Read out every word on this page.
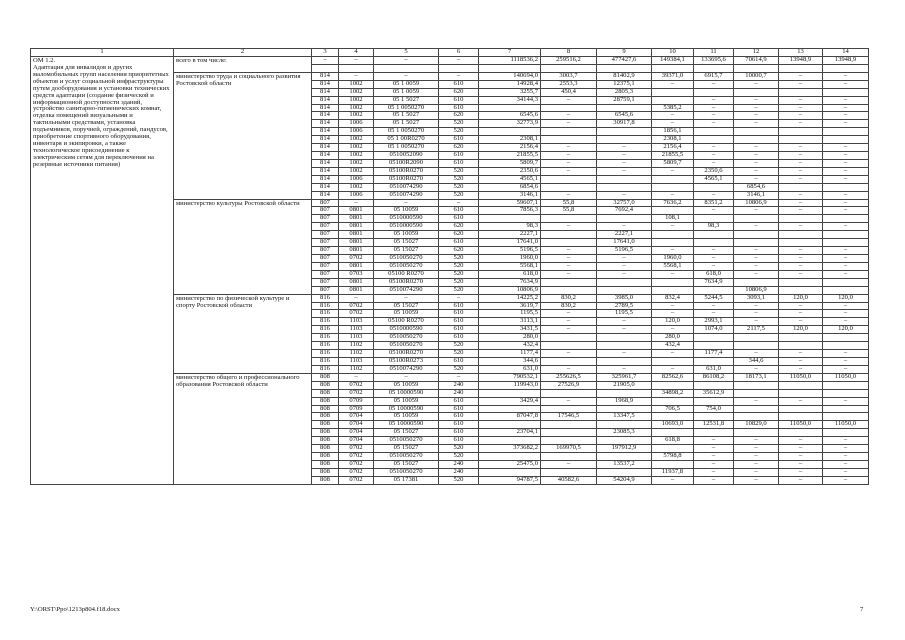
1	2	3	4	5	6	7	8	9	10	11	12	13	14

ОМ 1.2.
Адаптация для инвалидов и других маломобильных групп населения приоритетных объектов и услуг социальной инфраструктуры путем дооборудования и установки технических средств адаптации (создание физической и информационной доступности зданий, устройство санитарно-гигиенических комнат, отделка помещений визуальными и тактильными средствами, установка подъемников, поручней, ограждений, пандусов, приобретение спортивного оборудования, инвентаря и экипировки, а также технологическое присоединение к электрическим сетям для переключения на резервные источники питания)	всего в том числе:	–	–	–	–	1118536,2	259516,2	477427,6	149384,1	133695,6	70614,9	13948,9	13948,9

	министерство труда и социального развития Ростовской области	814	–	–	–	140694,0	3003,7	81402,9	39371,0	6915,7	10000,7	–	–
		814	1002	05 1 0059	610	14928,4	2553,3	12375,1	–	–	–	–	–
		814	1002	05 1 0059	620	3255,7	450,4	2805,3					
		814	1002	05 1 5027	610	34144,3	–	28759,1		–	–	–	–
		814	1002	05 1 0050270	610				5385,2	–	–	–	–
		814	1002	05 1 5027	620	6545,6	–	6545,6	–	–	–	–	–
		814	1006	05 1 5027	520	32773,9	–	30917,8	–	–	–	–	–
		814	1006	05 1 0050270	520				1856,1				
		814	1002	05 1 00R0270	610	2308,1			2308,1				
		814	1002	05 1 0050270	620	2156,4	–	–	2156,4	–	–	–	–
		814	1002	0510052090	610	21855,5	–	–	21855,5	–	–	–	–
		814	1002	05100R2090	610	5809,7	–	–	5809,7	–	–	–	–
		814	1002	05100R0270	520	2350,6	–	–	–	2350,6	–	–	–
		814	1006	05100R0270	520	4565,1				4565,1	–	–	–
		814	1002	0510074290	520	6854,6					6854,6		
		814	1006	0510074290	520	3146,1	–	–	–	–	3146,1	–	–
	министерство культуры Ростовской области	807	–	–	–	59607,1	55,8	32757,0	7636,2	8351,2	10806,9	–	–
		807	0801	05 10059	610	7856,3	55,8	7692,4		–	–	–	–
		807	0801	0510000590	610				108,1				
		807	0801	0510000590	620	98,3	–	–	–	98,3	–	–	–
		807	0801	05 10059	620	2227,1		2227,1					
		807	0801	05 15027	610	17641,0		17641,0					
		807	0801	05 15027	620	5196,5	–	5196,5	–	–	–	–	–
		807	0702	0510050270	520	1960,0	–	–	1960,0	–	–	–	–
		807	0801	0510050270	520	5568,1	–	–	5568,1	–	–	–	–
		807	0703	05100 R0270	520	618,0	–	–	–	618,0	–	–	–
		807	0801	05100R0270	520	7634,9				7634,9			
		807	0801	0510074290	520	10806,9					10806,9		
	министерство по физической культуре и спорту Ростовской области	816	–	–	–	14225,2	830,2	3985,0	832,4	5244,5	3093,1	120,0	120,0
		816	0702	05 15027	610	3619,7	830,2	2789,5	–	–	–	–	–
		816	0702	05 10059	610	1195,5	–	1195,5	–	–	–	–	–
		816	1103	05100 R0270	610	3113,1	–	–	120,0	2993,1	–	–	–
		816	1103	0510000590	610	3431,5	–	–	–	1074,0	2117,5	120,0	120,0
		816	1103	0510050270	610	280,0			280,0				
		816	1102	0510050270	520	432,4			432,4				
		816	1102	05100R0270	520	1177,4	–	–	–	1177,4	–	–	–
		816	1103	05100R0273	610	344,6					344,6	–	–
		816	1102	0510074290	520	631,0	–	–	–	631,0	–	–	–
	министерство общего и профессионального образования Ростовской области	808	–	–	–	790532,1	255626,5	325961,7	82562,6	86108,2	18173,1	11050,0	11050,0
		808	0702	05 10059	240	119943,0	27526,9	21905,0					
		808	0702	05 10000590	240				34898,2	35612,9			
		808	0709	05 10059	610	3429,4	–	1968,9			–	–	–
		808	0709	05 10000590	610				706,5	754,0			
		808	0704	05 10059	610	87047,8	17546,5	13347,5					
		808	0704	05 10000590	610				10693,0	12531,8	10829,0	11050,0	11050,0
		808	0704	05 15027	610	23704,1		23085,3					
		808	0704	0510050270	610				618,8	–	–	–	–
		808	0702	05 15027	520	373682,2	169970,5	197912,9		–	–	–	–
		808	0702	0510050270	520				5798,8	–	–	–	–
		808	0702	05 15027	240	25475,0	–	13537,2		–	–	–	–
		808	0702	0510050270	240				11937,8	–	–	–	–
		808	0702	05 17381	520	94787,5	40582,6	54204,9	–	–	–	–	–
Y:\ORST\Ppo\1213p804.f18.docx	7
